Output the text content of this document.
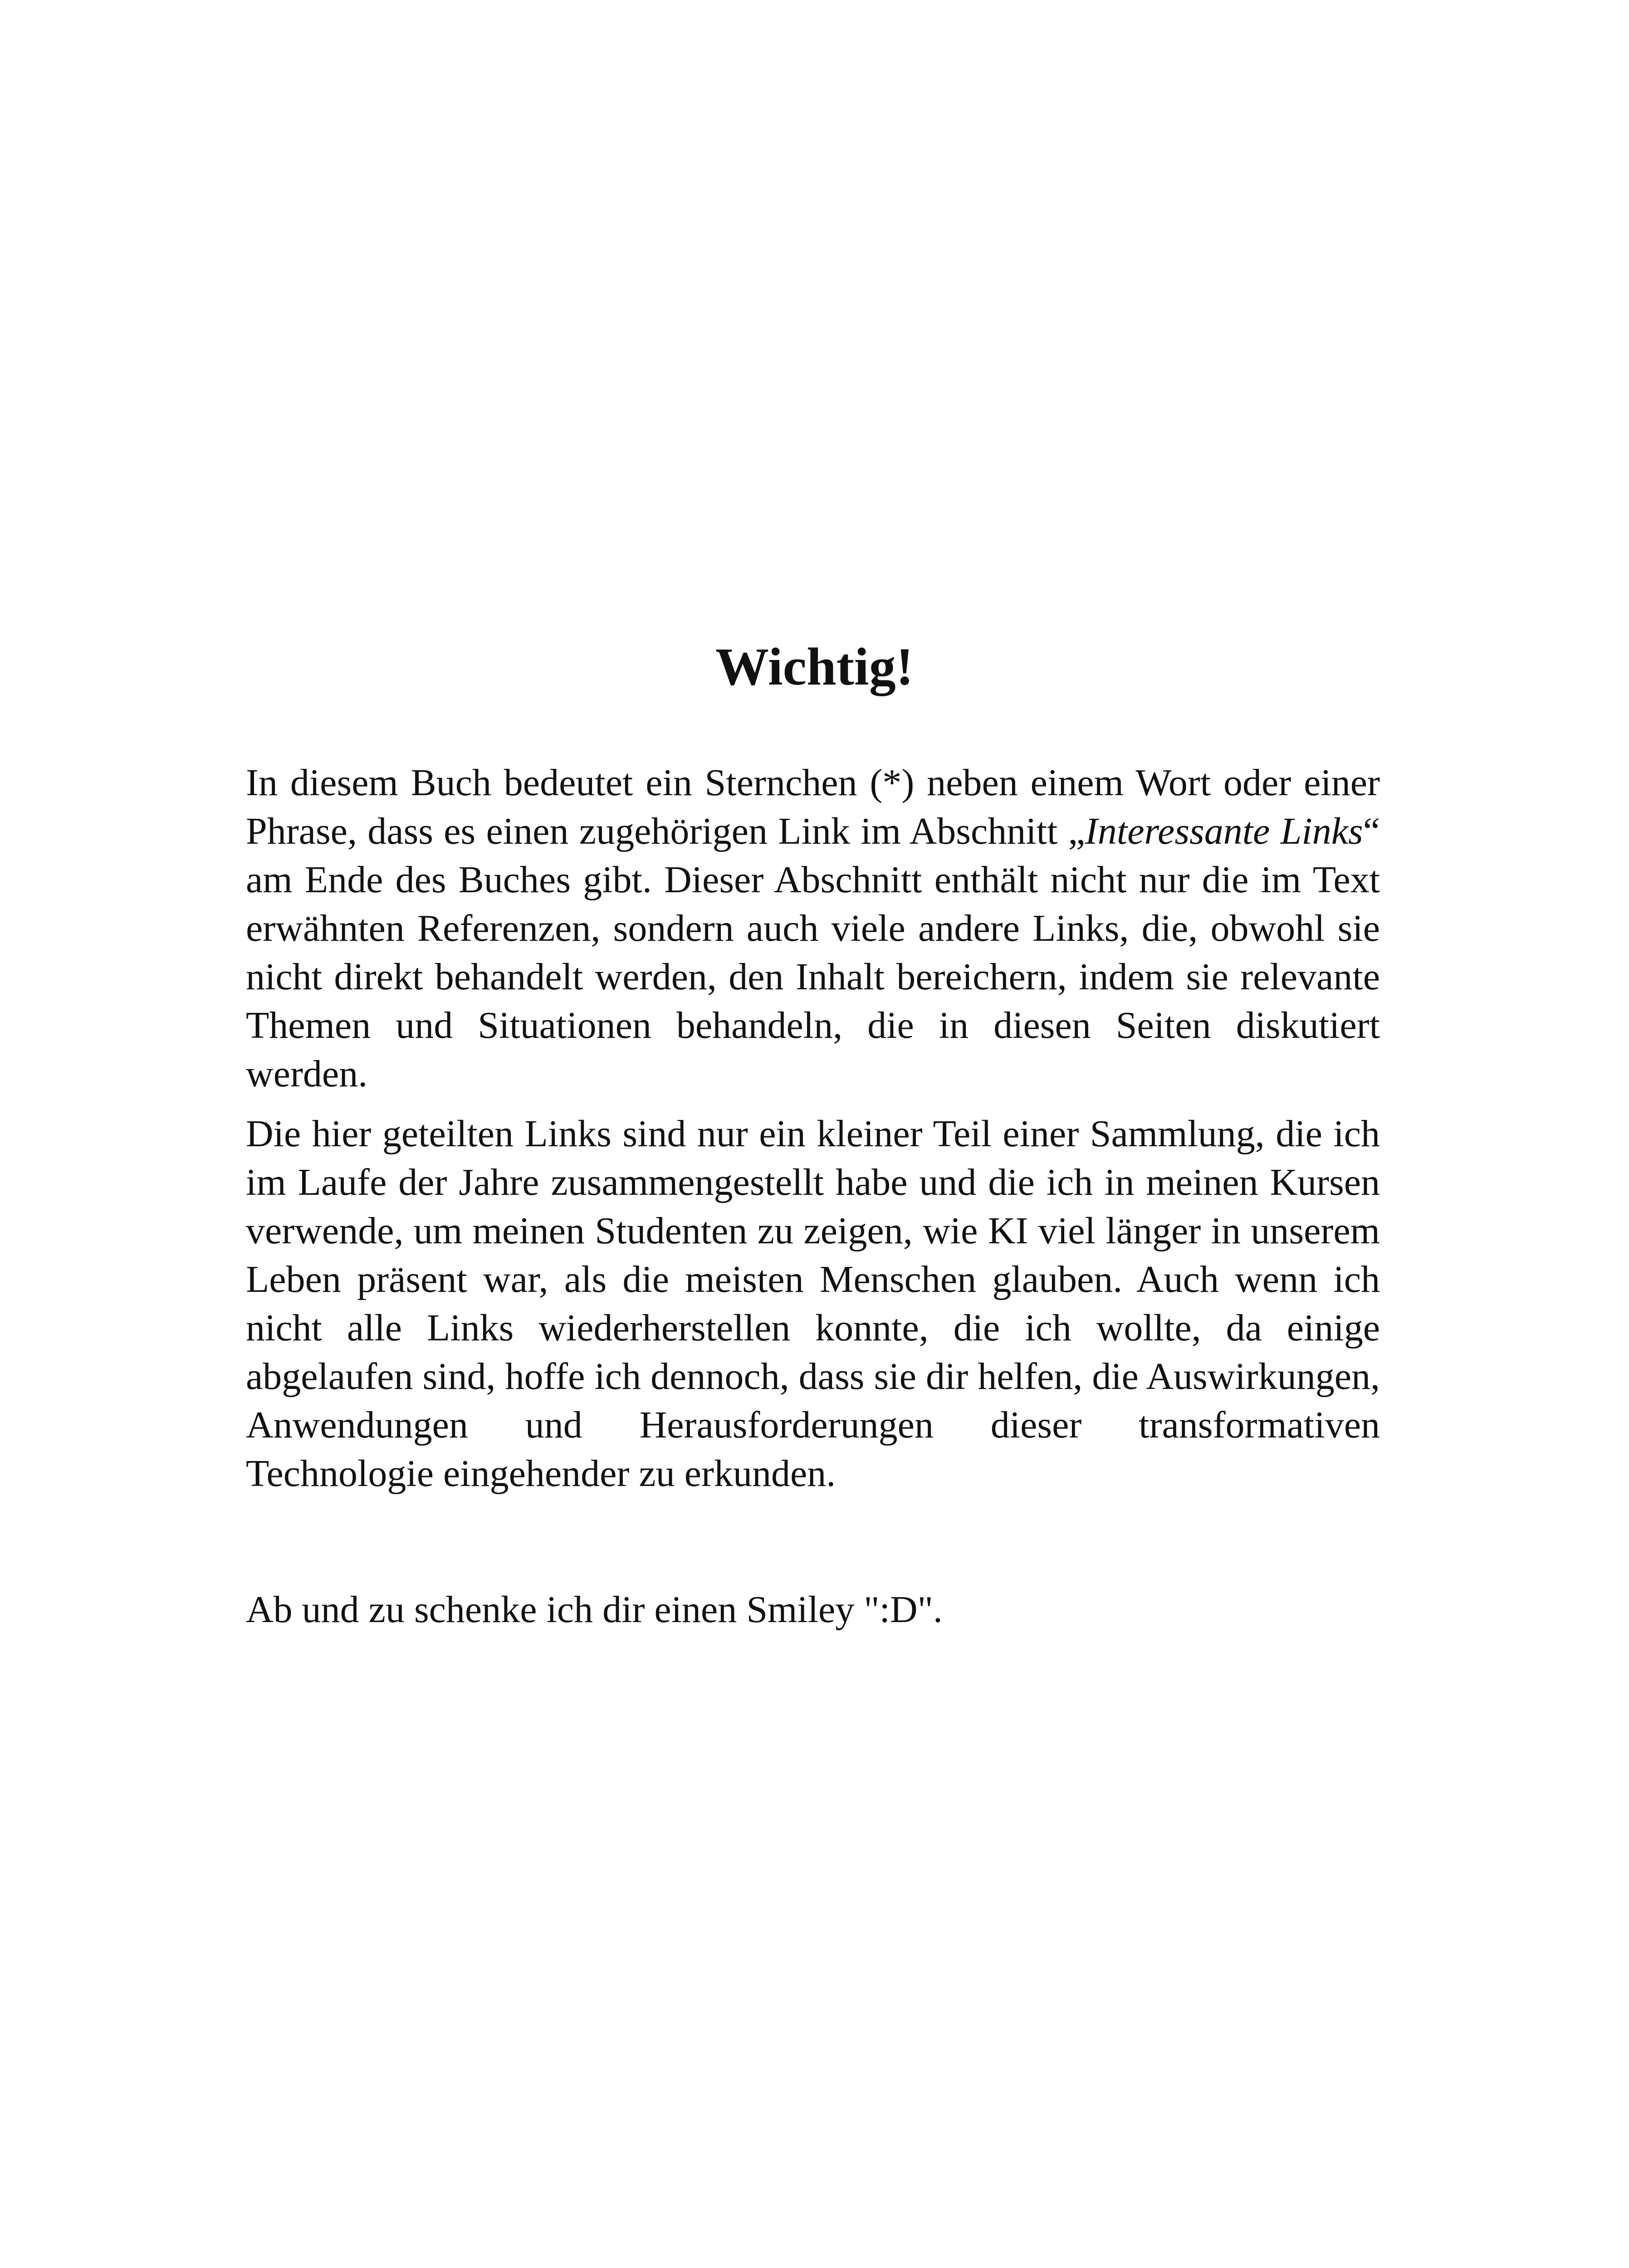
Wichtig!

In diesem Buch bedeutet ein Sternchen (*) neben einem Wort oder einer Phrase, dass es einen zugehörigen Link im Abschnitt „Interessante Links“ am Ende des Buches gibt. Dieser Abschnitt enthält nicht nur die im Text erwähnten Referenzen, sondern auch viele andere Links, die, obwohl sie nicht direkt behandelt werden, den Inhalt bereichern, indem sie relevante Themen und Situationen behandeln, die in diesen Seiten diskutiert werden.

Die hier geteilten Links sind nur ein kleiner Teil einer Sammlung, die ich im Laufe der Jahre zusammengestellt habe und die ich in meinen Kursen verwende, um meinen Studenten zu zeigen, wie KI viel länger in unserem Leben präsent war, als die meisten Menschen glauben. Auch wenn ich nicht alle Links wiederherstellen konnte, die ich wollte, da einige abgelaufen sind, hoffe ich dennoch, dass sie dir helfen, die Auswirkungen, Anwendungen und Herausforderungen dieser transformativen Technologie eingehender zu erkunden.

Ab und zu schenke ich dir einen Smiley ":D".
